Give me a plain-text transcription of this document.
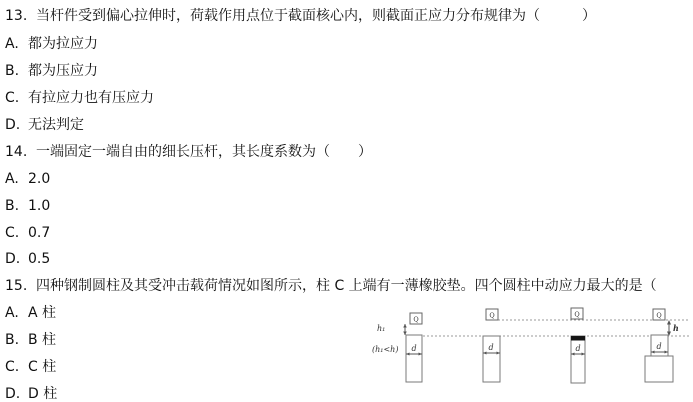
13. 当杆件受到偏心拉伸时，荷载作用点位于截面核心内，则截面正应力分布规律为（　　　）
A. 都为拉应力
B. 都为压应力
C. 有拉应力也有压应力
D. 无法判定
14. 一端固定一端自由的细长压杆，其长度系数为（　　）
A. 2.0
B. 1.0
C. 0.7
D. 0.5
15. 四种钢制圆柱及其受冲击载荷情况如图所示，柱 C 上端有一薄橡胶垫。四个圆柱中动应力最大的是（
A. A 柱
B. B 柱
C. C 柱
D. D 柱
h
h₁
(h₁<h)
Q
d
Q
d
Q
d
Q
d
